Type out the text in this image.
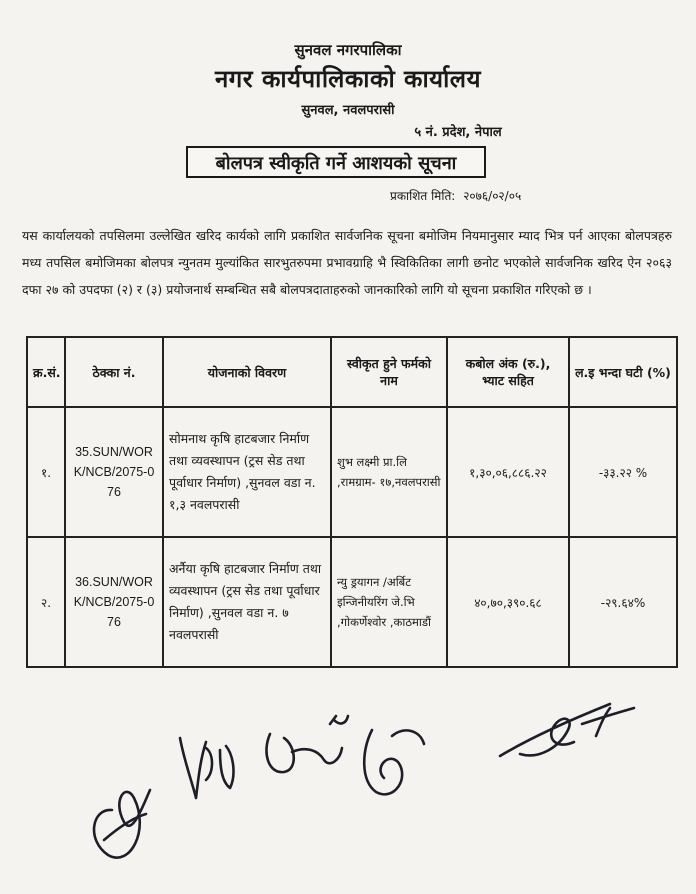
सुनवल नगरपालिका
नगर कार्यपालिकाको कार्यालय
सुनवल, नवलपरासी
५ नं. प्रदेश, नेपाल
बोलपत्र स्वीकृति गर्ने आशयको सूचना
प्रकाशित मिति: २०७६/०२/०५
यस कार्यालयको तपसिलमा उल्लेखित खरिद कार्यको लागि प्रकाशित सार्वजनिक सूचना बमोजिम नियमानुसार म्याद भित्र पर्न आएका बोलपत्रहरु मध्य तपसिल बमोजिमका बोलपत्र न्युनतम मुल्यांकित सारभुतरुपमा प्रभावग्राहि भै स्विकितिका लागी छनोट भएकोले सार्वजनिक खरिद ऐन २०६३ दफा २७ को उपदफा (२) र (३) प्रयोजनार्थ सम्बन्धित सबै बोलपत्रदाताहरुको जानकारिको लागि यो सूचना प्रकाशित गरिएको छ ।
क्र.सं.	ठेक्का नं.	योजनाको विवरण	स्वीकृत हुने फर्मको नाम	कबोल अंक (रु.), भ्याट सहित	ल.इ भन्दा घटी (%)
१.	35.SUN/WORK/NCB/2075-076	सोमनाथ कृषि हाटबजार निर्माण तथा व्यवस्थापन (ट्रस सेड तथा पूर्वाधार निर्माण) ,सुनवल वडा न. १,३ नवलपरासी	शुभ लक्ष्मी प्रा.लि ,रामग्राम- १७,नवलपरासी	१,३०,०६,८८६.२२	-३३.२२ %
२.	36.SUN/WORK/NCB/2075-076	अर्नैया कृषि हाटबजार निर्माण तथा व्यवस्थापन (ट्रस सेड तथा पूर्वाधार निर्माण) ,सुनवल वडा न. ७ नवलपरासी	न्यु ड्रयागन /अर्बिट इन्जिनीयरिंग जे.भि ,गोकर्णेश्वोर ,काठमाडौं	४०,७०,३९०.६८	-२९.६४%
